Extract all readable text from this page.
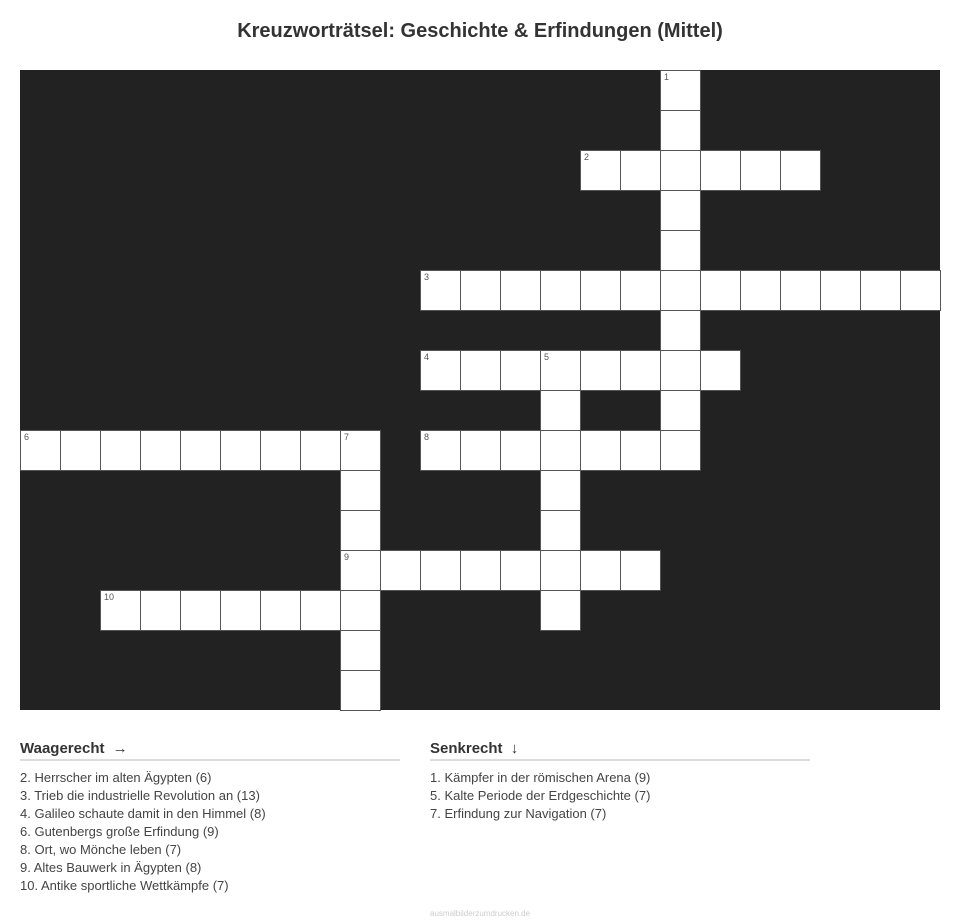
Kreuzworträtsel: Geschichte & Erfindungen (Mittel)
1
2
3
4	5
6	7	8
9
10
Waagerecht →
2. Herrscher im alten Ägypten (6)
3. Trieb die industrielle Revolution an (13)
4. Galileo schaute damit in den Himmel (8)
6. Gutenbergs große Erfindung (9)
8. Ort, wo Mönche leben (7)
9. Altes Bauwerk in Ägypten (8)
10. Antike sportliche Wettkämpfe (7)
Senkrecht ↓
1. Kämpfer in der römischen Arena (9)
5. Kalte Periode der Erdgeschichte (7)
7. Erfindung zur Navigation (7)
ausmalbilderzumdrucken.de
